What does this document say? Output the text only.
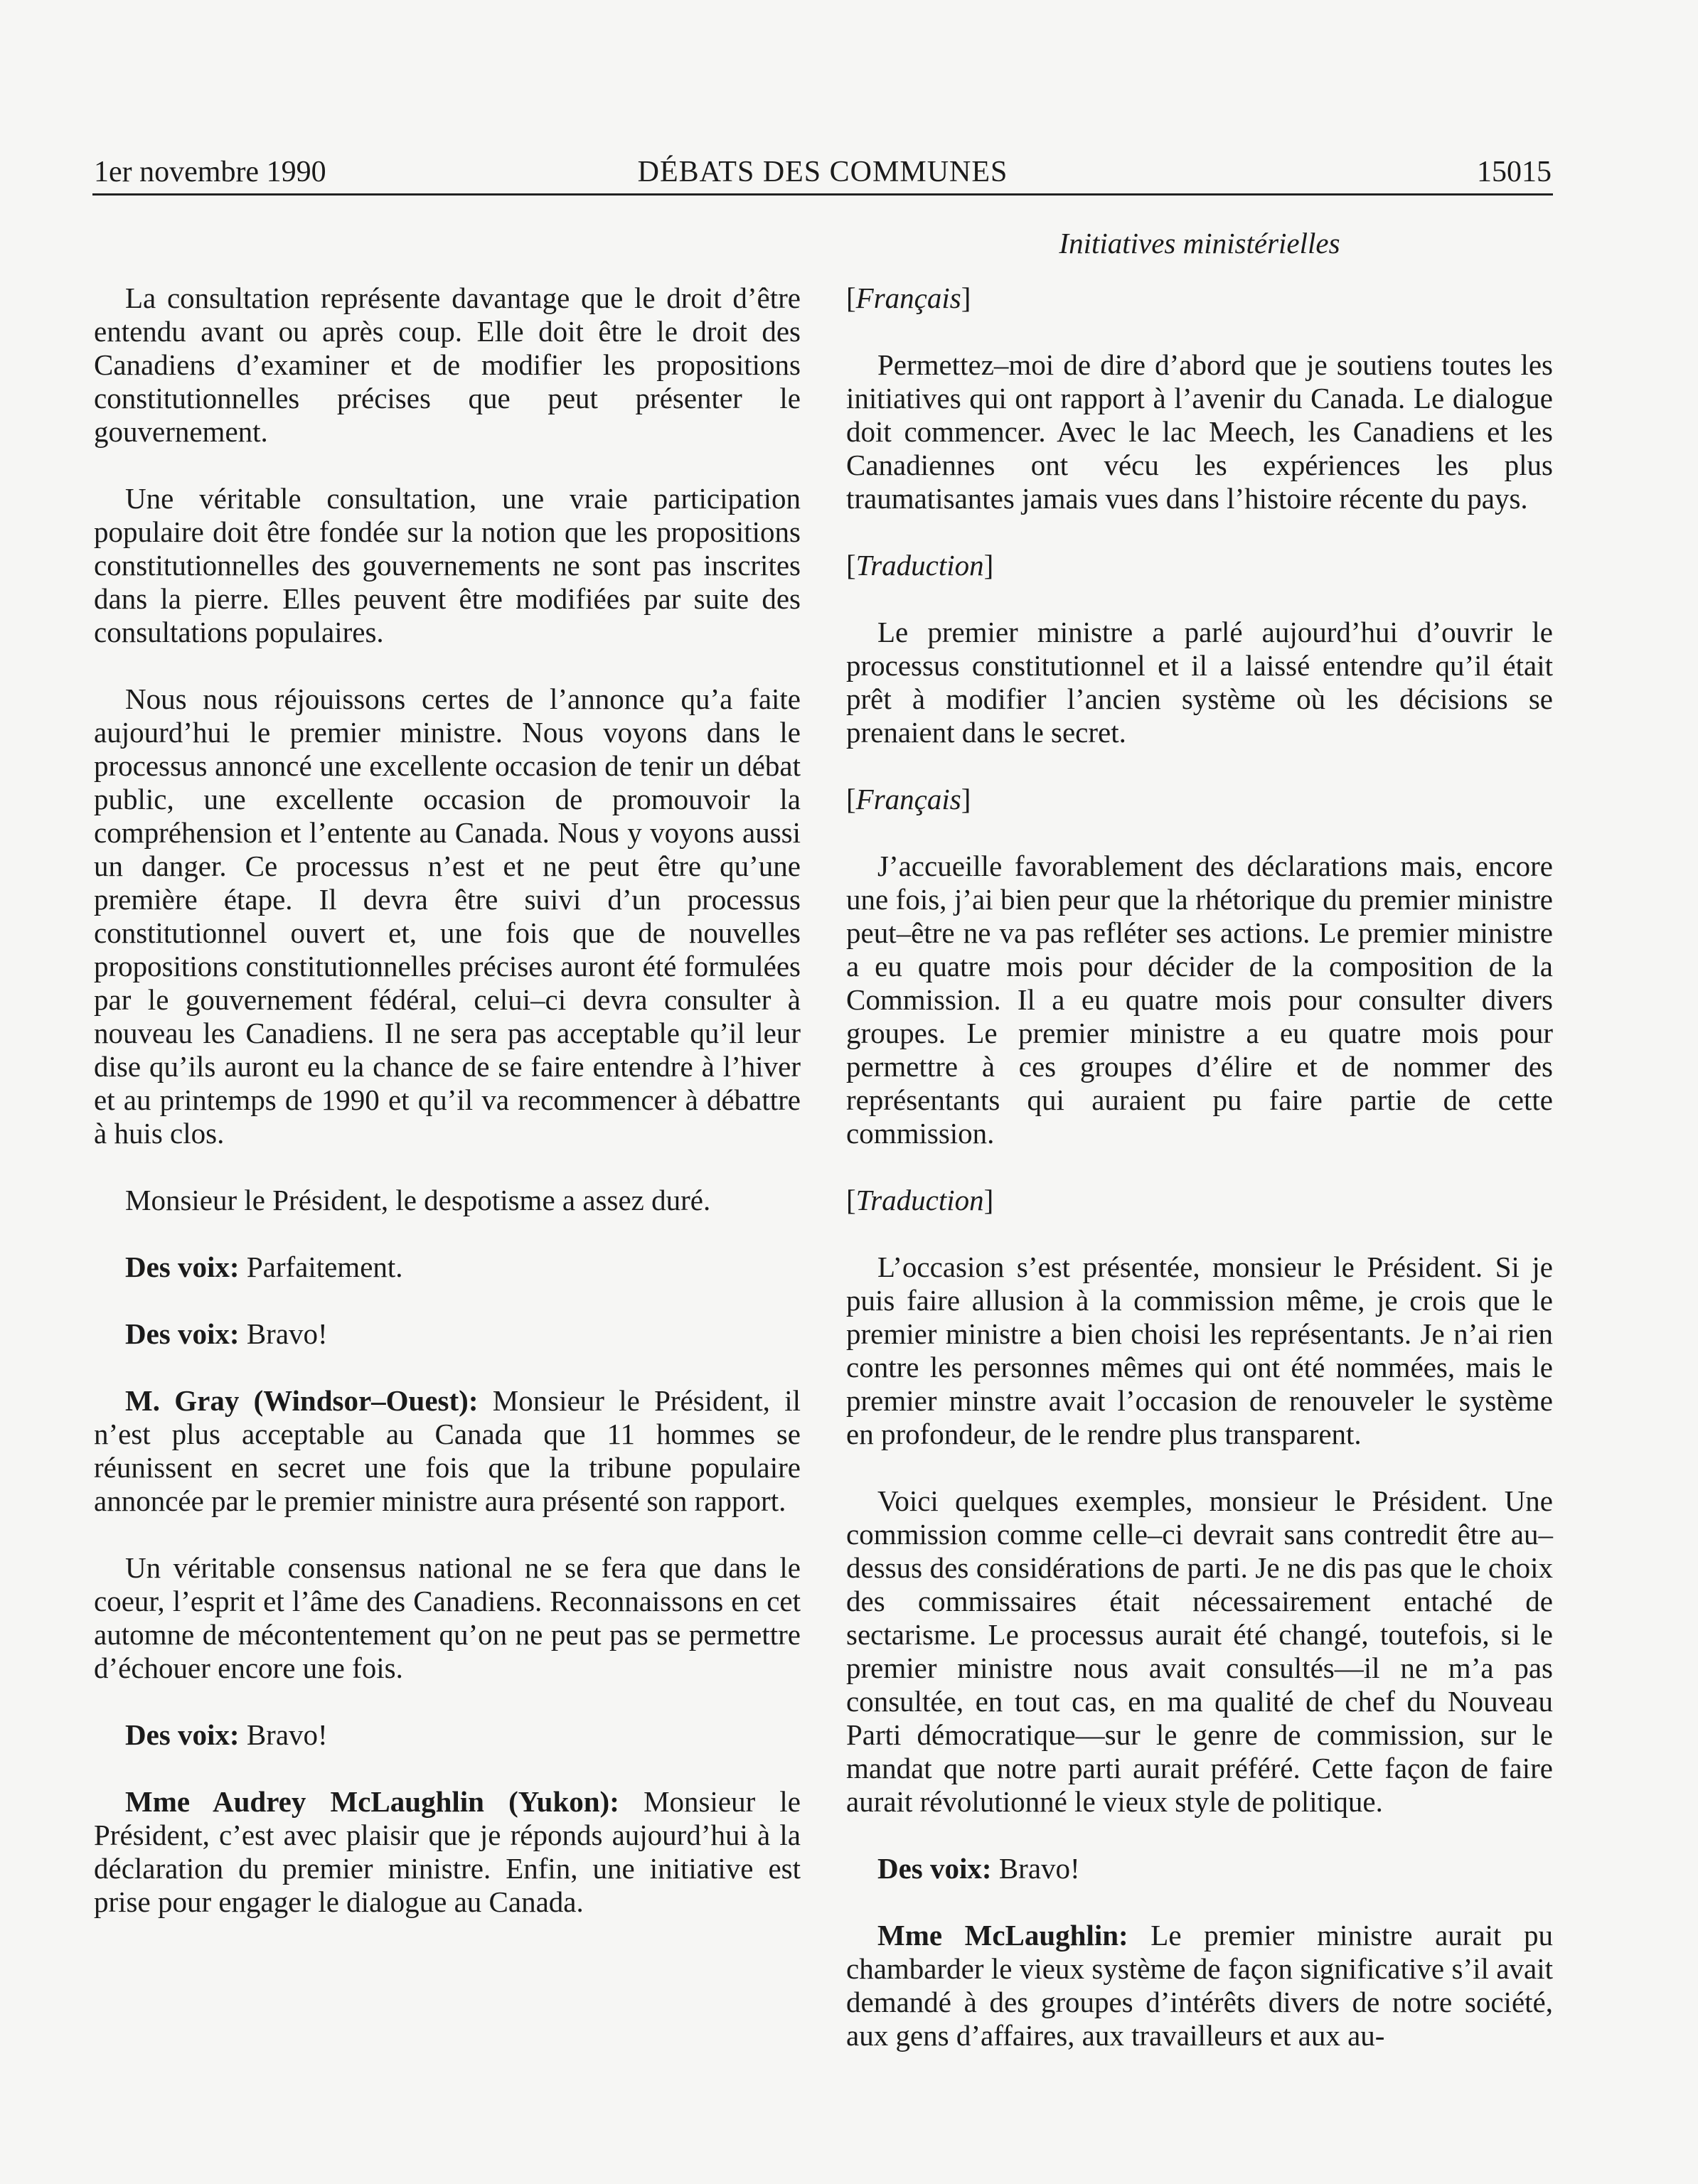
1er novembre 1990	DÉBATS DES COMMUNES	15015
Initiatives ministérielles

La consultation représente davantage que le droit d’être entendu avant ou après coup. Elle doit être le droit des Canadiens d’examiner et de modifier les propositions constitutionnelles précises que peut présenter le gouvernement.

Une véritable consultation, une vraie participation populaire doit être fondée sur la notion que les propositions constitutionnelles des gouvernements ne sont pas inscrites dans la pierre. Elles peuvent être modifiées par suite des consultations populaires.

Nous nous réjouissons certes de l’annonce qu’a faite aujourd’hui le premier ministre. Nous voyons dans le processus annoncé une excellente occasion de tenir un débat public, une excellente occasion de promouvoir la compréhension et l’entente au Canada. Nous y voyons aussi un danger. Ce processus n’est et ne peut être qu’une première étape. Il devra être suivi d’un processus constitutionnel ouvert et, une fois que de nouvelles propositions constitutionnelles précises auront été formulées par le gouvernement fédéral, celui–ci devra consulter à nouveau les Canadiens. Il ne sera pas acceptable qu’il leur dise qu’ils auront eu la chance de se faire entendre à l’hiver et au printemps de 1990 et qu’il va recommencer à débattre à huis clos.

Monsieur le Président, le despotisme a assez duré.

Des voix: Parfaitement.

Des voix: Bravo!

M. Gray (Windsor–Ouest): Monsieur le Président, il n’est plus acceptable au Canada que 11 hommes se réunissent en secret une fois que la tribune populaire annoncée par le premier ministre aura présenté son rapport.

Un véritable consensus national ne se fera que dans le coeur, l’esprit et l’âme des Canadiens. Reconnaissons en cet automne de mécontentement qu’on ne peut pas se permettre d’échouer encore une fois.

Des voix: Bravo!

Mme Audrey McLaughlin (Yukon): Monsieur le Président, c’est avec plaisir que je réponds aujourd’hui à la déclaration du premier ministre. Enfin, une initiative est prise pour engager le dialogue au Canada.

[Français]

Permettez–moi de dire d’abord que je soutiens toutes les initiatives qui ont rapport à l’avenir du Canada. Le dialogue doit commencer. Avec le lac Meech, les Canadiens et les Canadiennes ont vécu les expériences les plus traumatisantes jamais vues dans l’histoire récente du pays.

[Traduction]

Le premier ministre a parlé aujourd’hui d’ouvrir le processus constitutionnel et il a laissé entendre qu’il était prêt à modifier l’ancien système où les décisions se prenaient dans le secret.

[Français]

J’accueille favorablement des déclarations mais, encore une fois, j’ai bien peur que la rhétorique du premier ministre peut–être ne va pas refléter ses actions. Le premier ministre a eu quatre mois pour décider de la composition de la Commission. Il a eu quatre mois pour consulter divers groupes. Le premier ministre a eu quatre mois pour permettre à ces groupes d’élire et de nommer des représentants qui auraient pu faire partie de cette commission.

[Traduction]

L’occasion s’est présentée, monsieur le Président. Si je puis faire allusion à la commission même, je crois que le premier ministre a bien choisi les représentants. Je n’ai rien contre les personnes mêmes qui ont été nommées, mais le premier minstre avait l’occasion de renouveler le système en profondeur, de le rendre plus transparent.

Voici quelques exemples, monsieur le Président. Une commission comme celle–ci devrait sans contredit être au–dessus des considérations de parti. Je ne dis pas que le choix des commissaires était nécessairement entaché de sectarisme. Le processus aurait été changé, toutefois, si le premier ministre nous avait consultés—il ne m’a pas consultée, en tout cas, en ma qualité de chef du Nouveau Parti démocratique—sur le genre de commission, sur le mandat que notre parti aurait préféré. Cette façon de faire aurait révolutionné le vieux style de politique.

Des voix: Bravo!

Mme McLaughlin: Le premier ministre aurait pu chambarder le vieux système de façon significative s’il avait demandé à des groupes d’intérêts divers de notre société, aux gens d’affaires, aux travailleurs et aux au-
